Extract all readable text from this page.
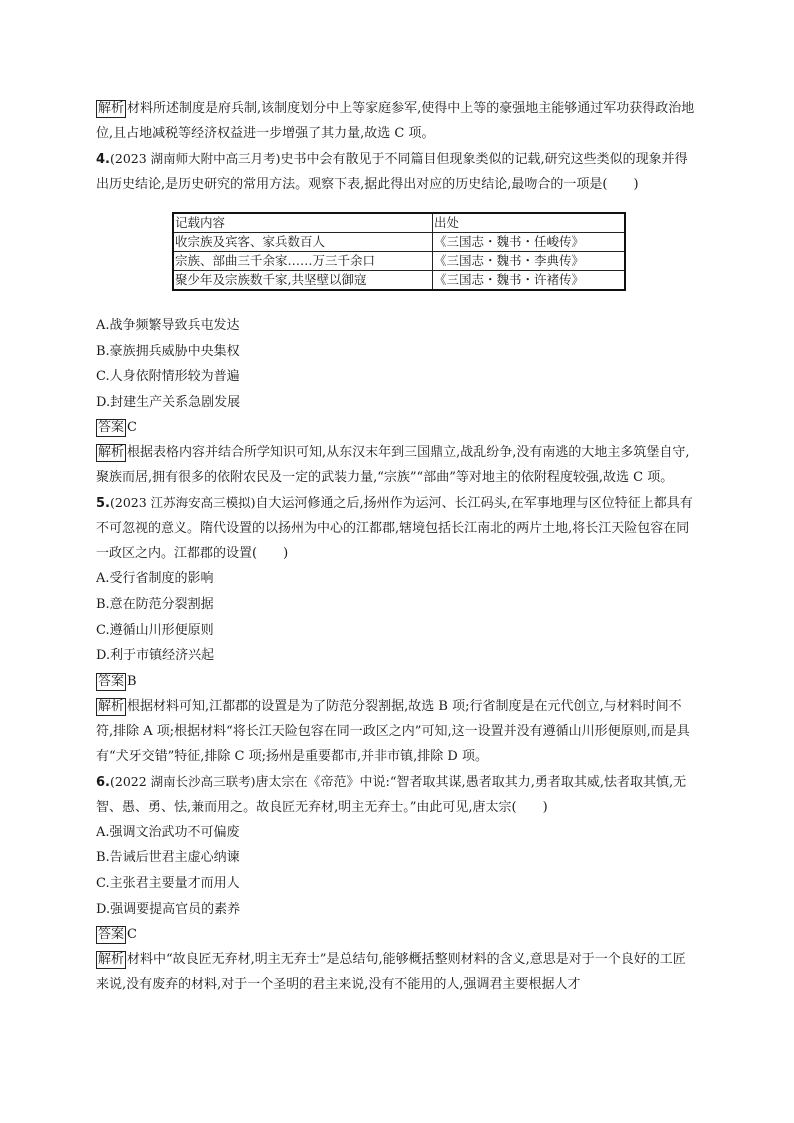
解析 材料所述制度是府兵制,该制度划分中上等家庭参军,使得中上等的豪强地主能够通过军功获得政治地位,且占地减税等经济权益进一步增强了其力量,故选 C 项。

4.(2023 湖南师大附中高三月考)史书中会有散见于不同篇目但现象类似的记载,研究这些类似的现象并得出历史结论,是历史研究的常用方法。观察下表,据此得出对应的历史结论,最吻合的一项是(　　)

记载内容	出处
收宗族及宾客、家兵数百人	《三国志・魏书・任峻传》
宗族、部曲三千余家……万三千余口	《三国志・魏书・李典传》
聚少年及宗族数千家,共坚壁以御寇	《三国志・魏书・许褚传》

A.战争频繁导致兵屯发达

B.豪族拥兵威胁中央集权

C.人身依附情形较为普遍

D.封建生产关系急剧发展

答案 C

解析 根据表格内容并结合所学知识可知,从东汉末年到三国鼎立,战乱纷争,没有南逃的大地主多筑堡自守,聚族而居,拥有很多的依附农民及一定的武装力量,“宗族”“部曲”等对地主的依附程度较强,故选 C 项。

5.(2023 江苏海安高三模拟)自大运河修通之后,扬州作为运河、长江码头,在军事地理与区位特征上都具有不可忽视的意义。隋代设置的以扬州为中心的江都郡,辖境包括长江南北的两片土地,将长江天险包容在同一政区之内。江都郡的设置(　　)

A.受行省制度的影响

B.意在防范分裂割据

C.遵循山川形便原则

D.利于市镇经济兴起

答案 B

解析 根据材料可知,江都郡的设置是为了防范分裂割据,故选 B 项;行省制度是在元代创立,与材料时间不符,排除 A 项;根据材料“将长江天险包容在同一政区之内”可知,这一设置并没有遵循山川形便原则,而是具有“犬牙交错”特征,排除 C 项;扬州是重要都市,并非市镇,排除 D 项。

6.(2022 湖南长沙高三联考)唐太宗在《帝范》中说:“智者取其谋,愚者取其力,勇者取其威,怯者取其慎,无智、愚、勇、怯,兼而用之。故良匠无弃材,明主无弃士。”由此可见,唐太宗(　　)

A.强调文治武功不可偏废

B.告诫后世君主虚心纳谏

C.主张君主要量才而用人

D.强调要提高官员的素养

答案 C

解析 材料中“故良匠无弃材,明主无弃士”是总结句,能够概括整则材料的含义,意思是对于一个良好的工匠来说,没有废弃的材料,对于一个圣明的君主来说,没有不能用的人,强调君主要根据人才
